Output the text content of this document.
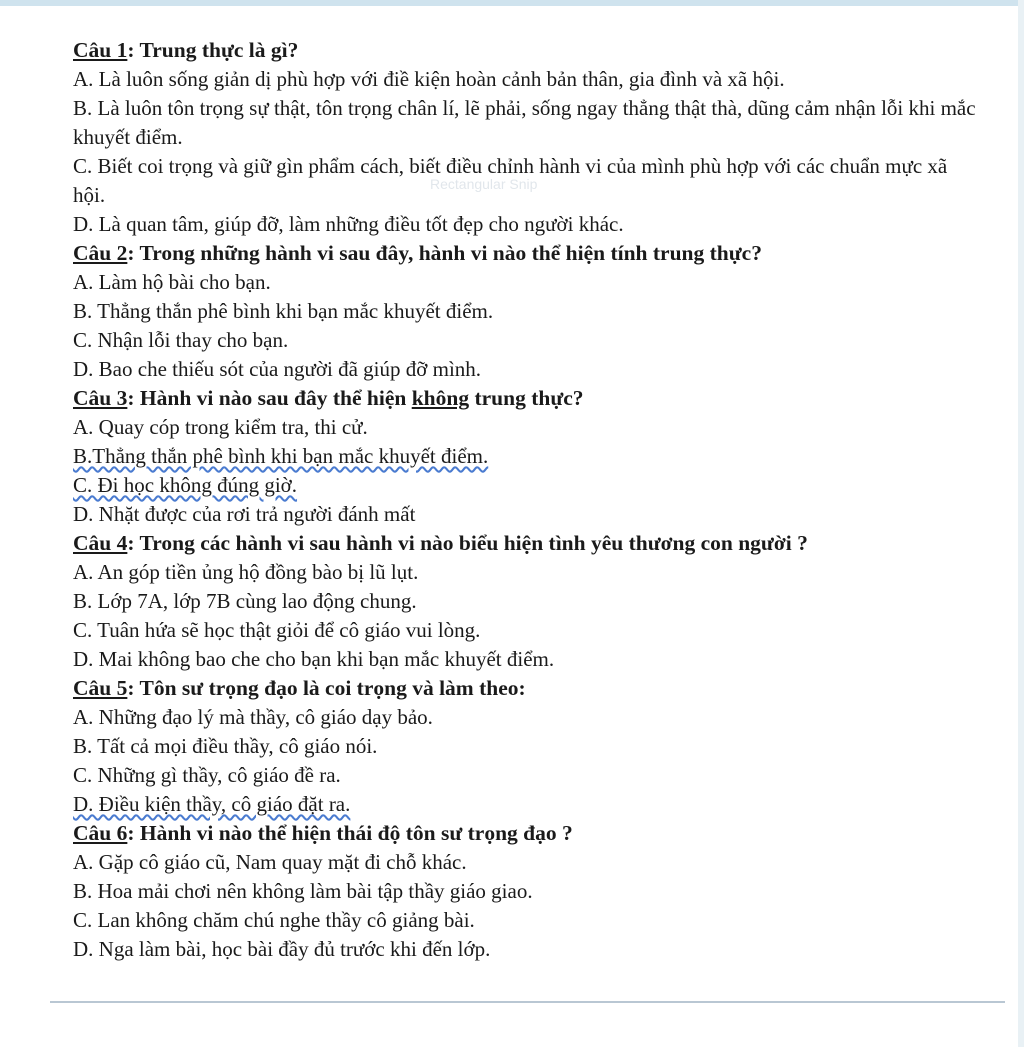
Rectangular Snip
Câu 1: Trung thực là gì?
A. Là luôn sống giản dị phù hợp với điề kiện hoàn cảnh bản thân, gia đình và xã hội.
B. Là luôn tôn trọng sự thật, tôn trọng chân lí, lẽ phải, sống ngay thẳng thật thà, dũng cảm nhận lỗi khi mắc khuyết điểm.
C. Biết coi trọng và giữ gìn phẩm cách, biết điều chỉnh hành vi của mình phù hợp với các chuẩn mực xã hội.
D. Là quan tâm, giúp đỡ, làm những điều tốt đẹp cho người khác.
Câu 2: Trong những hành vi sau đây, hành vi nào thể hiện tính trung thực?
A. Làm hộ bài cho bạn.
B. Thẳng thắn phê bình khi bạn mắc khuyết điểm.
C. Nhận lỗi thay cho bạn.
D. Bao che thiếu sót của người đã giúp đỡ mình.
Câu 3: Hành vi nào sau đây thể hiện không trung thực?
A. Quay cóp trong kiểm tra, thi cử.
B.Thẳng thắn phê bình khi bạn mắc khuyết điểm.
C. Đi học không đúng giờ.
D. Nhặt được của rơi trả người đánh mất
Câu 4: Trong các hành vi sau hành vi nào biểu hiện tình yêu thương con người ?
A. An góp tiền ủng hộ đồng bào bị lũ lụt.
B. Lớp 7A, lớp 7B cùng lao động chung.
C. Tuân hứa sẽ học thật giỏi để cô giáo vui lòng.
D. Mai không bao che cho bạn khi bạn mắc khuyết điểm.
Câu 5: Tôn sư trọng đạo là coi trọng và làm theo:
A. Những đạo lý mà thầy, cô giáo dạy bảo.
B. Tất cả mọi điều thầy, cô giáo nói.
C. Những gì thầy, cô giáo đề ra.
D. Điều kiện thầy, cô giáo đặt ra.
Câu 6: Hành vi nào thể hiện thái độ tôn sư trọng đạo ?
A. Gặp cô giáo cũ, Nam quay mặt đi chỗ khác.
B. Hoa mải chơi nên không làm bài tập thầy giáo giao.
C. Lan không chăm chú nghe thầy cô giảng bài.
D. Nga làm bài, học bài đầy đủ trước khi đến lớp.
